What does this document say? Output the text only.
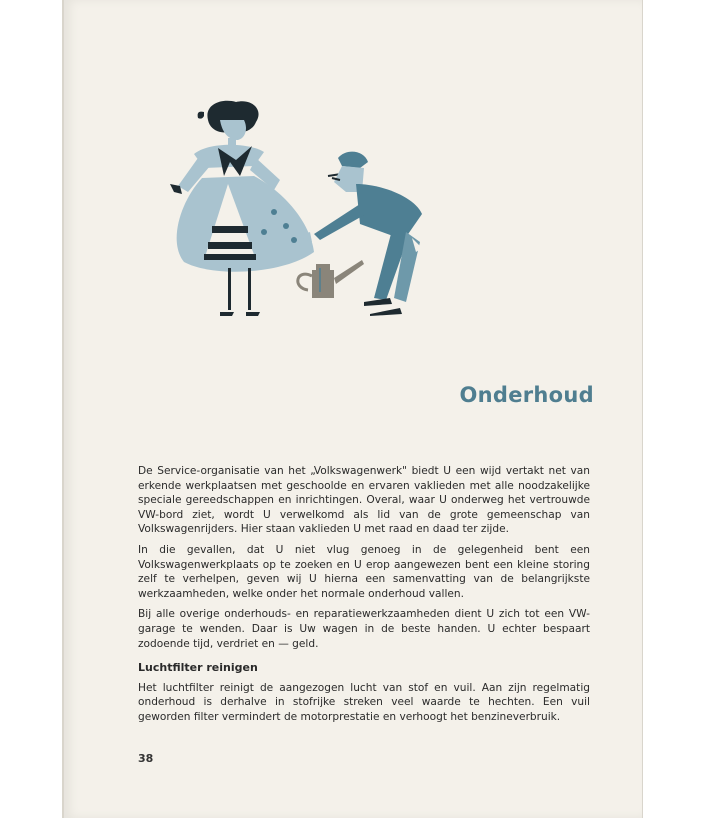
Onderhoud

De Service-organisatie van het „Volkswagenwerk" biedt U een wijd vertakt net van erkende werkplaatsen met geschoolde en ervaren vaklieden met alle noodzakelijke speciale gereedschappen en inrichtingen. Overal, waar U onderweg het vertrouwde VW-bord ziet, wordt U verwelkomd als lid van de grote gemeenschap van Volkswagenrijders. Hier staan vaklieden U met raad en daad ter zijde.

In die gevallen, dat U niet vlug genoeg in de gelegenheid bent een Volkswagenwerkplaats op te zoeken en U erop aangewezen bent een kleine storing zelf te verhelpen, geven wij U hierna een samenvatting van de belangrijkste werkzaamheden, welke onder het normale onderhoud vallen.

Bij alle overige onderhouds- en reparatiewerkzaamheden dient U zich tot een VW-garage te wenden. Daar is Uw wagen in de beste handen. U echter bespaart zodoende tijd, verdriet en — geld.

Luchtfilter reinigen

Het luchtfilter reinigt de aangezogen lucht van stof en vuil. Aan zijn regelmatig onderhoud is derhalve in stofrijke streken veel waarde te hechten. Een vuil geworden filter vermindert de motorprestatie en verhoogt het benzineverbruik.

38
